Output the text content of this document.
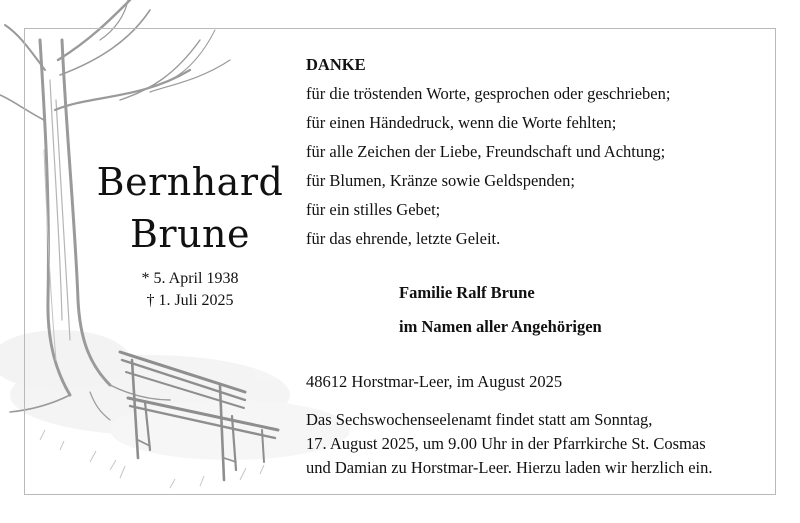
Bernhard
Brune
* 5. April 1938
† 1. Juli 2025
DANKE
für die tröstenden Worte, gesprochen oder geschrieben;
für einen Händedruck, wenn die Worte fehlten;
für alle Zeichen der Liebe, Freundschaft und Achtung;
für Blumen, Kränze sowie Geldspenden;
für ein stilles Gebet;
für das ehrende, letzte Geleit.
Familie Ralf Brune
im Namen aller Angehörigen
48612 Horstmar-Leer, im August 2025
Das Sechswochenseelenamt findet statt am Sonntag,
17. August 2025, um 9.00 Uhr in der Pfarrkirche St. Cosmas
und Damian zu Horstmar-Leer. Hierzu laden wir herzlich ein.
